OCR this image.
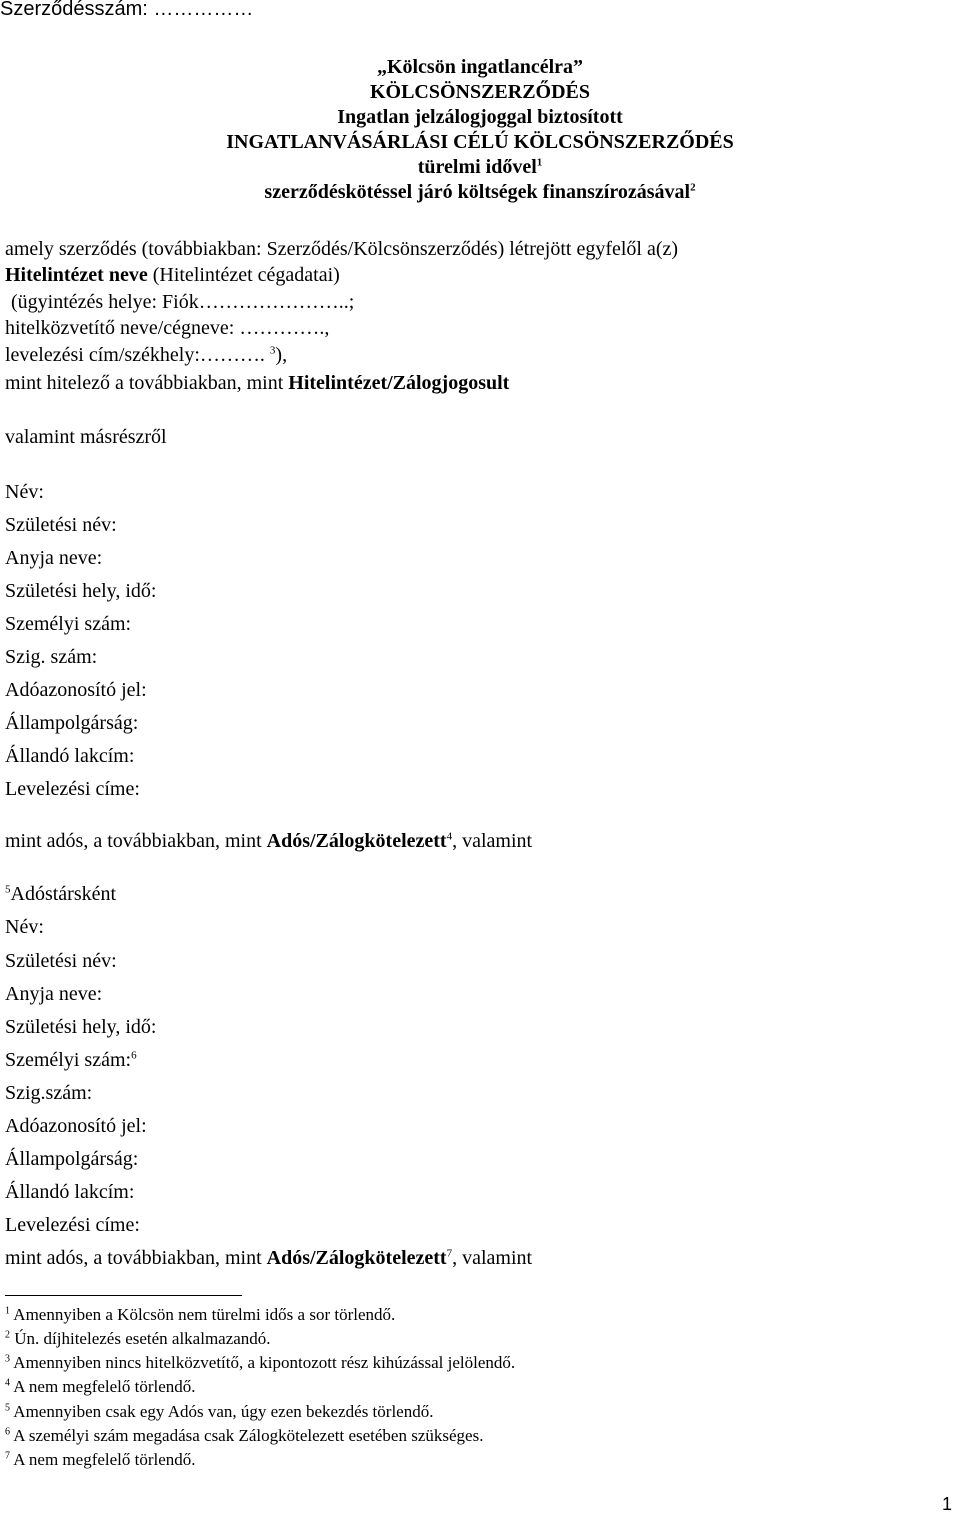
Szerződésszám: ……………
„Kölcsön ingatlancélra”
KÖLCSÖNSZERZŐDÉS
Ingatlan jelzálogjoggal biztosított
INGATLANVÁSÁRLÁSI CÉLÚ KÖLCSÖNSZERZŐDÉS
türelmi idővel$^1$
szerződéskötéssel járó költségek finanszírozásával$^2$
amely szerződés (továbbiakban: Szerződés/Kölcsönszerződés) létrejött egyfelől a(z)
Hitelintézet neve (Hitelintézet cégadatai)
(ügyintézés helye: Fiók…………………..;
hitelközvetítő neve/cégneve: ………….,
levelezési cím/székhely:………. $^3$),
mint hitelező a továbbiakban, mint Hitelintézet/Zálogjogosult
valamint másrészről
Név:
Születési név:
Anyja neve:
Születési hely, idő:
Személyi szám:
Szig. szám:
Adóazonosító jel:
Állampolgárság:
Állandó lakcím:
Levelezési címe:
mint adós, a továbbiakban, mint Adós/Zálogkötelezett$^4$, valamint
$^5$Adóstársként
Név:
Születési név:
Anyja neve:
Születési hely, idő:
Személyi szám:$^6$
Szig.szám:
Adóazonosító jel:
Állampolgárság:
Állandó lakcím:
Levelezési címe:
mint adós, a továbbiakban, mint Adós/Zálogkötelezett$^7$, valamint
$^1$ Amennyiben a Kölcsön nem türelmi idős a sor törlendő.
$^2$ Ún. díjhitelezés esetén alkalmazandó.
$^3$ Amennyiben nincs hitelközvetítő, a kipontozott rész kihúzással jelölendő.
$^4$ A nem megfelelő törlendő.
$^5$ Amennyiben csak egy Adós van, úgy ezen bekezdés törlendő.
$^6$ A személyi szám megadása csak Zálogkötelezett esetében szükséges.
$^7$ A nem megfelelő törlendő.
1
